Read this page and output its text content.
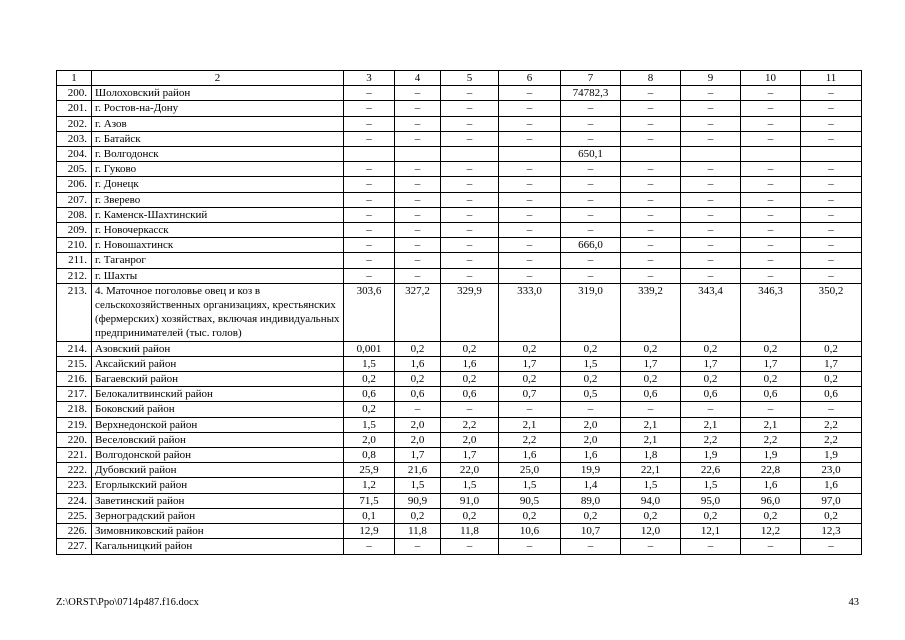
1	2	3	4	5	6	7	8	9	10	11
200.	Шолоховский район	–	–	–	–	74782,3	–	–	–	–
201.	г. Ростов-на-Дону	–	–	–	–	–	–	–	–	–
202.	г. Азов	–	–	–	–	–	–	–	–	–
203.	г. Батайск	–	–	–	–	–	–	–	–	–
204.	г. Волгодонск					650,1				
205.	г. Гуково	–	–	–	–	–	–	–	–	–
206.	г. Донецк	–	–	–	–	–	–	–	–	–
207.	г. Зверево	–	–	–	–	–	–	–	–	–
208.	г. Каменск-Шахтинский	–	–	–	–	–	–	–	–	–
209.	г. Новочеркасск	–	–	–	–	–	–	–	–	–
210.	г. Новошахтинск	–	–	–	–	666,0	–	–	–	–
211.	г. Таганрог	–	–	–	–	–	–	–	–	–
212.	г. Шахты	–	–	–	–	–	–	–	–	–
213.	4. Маточное поголовье овец и коз в сельскохозяйственных организациях, крестьянских (фермерских) хозяйствах, включая индивидуальных предпринимателей (тыс. голов)	303,6	327,2	329,9	333,0	319,0	339,2	343,4	346,3	350,2
214.	Азовский район	0,001	0,2	0,2	0,2	0,2	0,2	0,2	0,2	0,2
215.	Аксайский район	1,5	1,6	1,6	1,7	1,5	1,7	1,7	1,7	1,7
216.	Багаевский район	0,2	0,2	0,2	0,2	0,2	0,2	0,2	0,2	0,2
217.	Белокалитвинский район	0,6	0,6	0,6	0,7	0,5	0,6	0,6	0,6	0,6
218.	Боковский район	0,2	–	–	–	–	–	–	–	–
219.	Верхнедонской район	1,5	2,0	2,2	2,1	2,0	2,1	2,1	2,1	2,2
220.	Веселовский район	2,0	2,0	2,0	2,2	2,0	2,1	2,2	2,2	2,2
221.	Волгодонской район	0,8	1,7	1,7	1,6	1,6	1,8	1,9	1,9	1,9
222.	Дубовский район	25,9	21,6	22,0	25,0	19,9	22,1	22,6	22,8	23,0
223.	Егорлыкский район	1,2	1,5	1,5	1,5	1,4	1,5	1,5	1,6	1,6
224.	Заветинский район	71,5	90,9	91,0	90,5	89,0	94,0	95,0	96,0	97,0
225.	Зерноградский район	0,1	0,2	0,2	0,2	0,2	0,2	0,2	0,2	0,2
226.	Зимовниковский район	12,9	11,8	11,8	10,6	10,7	12,0	12,1	12,2	12,3
227.	Кагальницкий район	–	–	–	–	–	–	–	–	–
Z:\ORST\Ppo\0714p487.f16.docx	43
